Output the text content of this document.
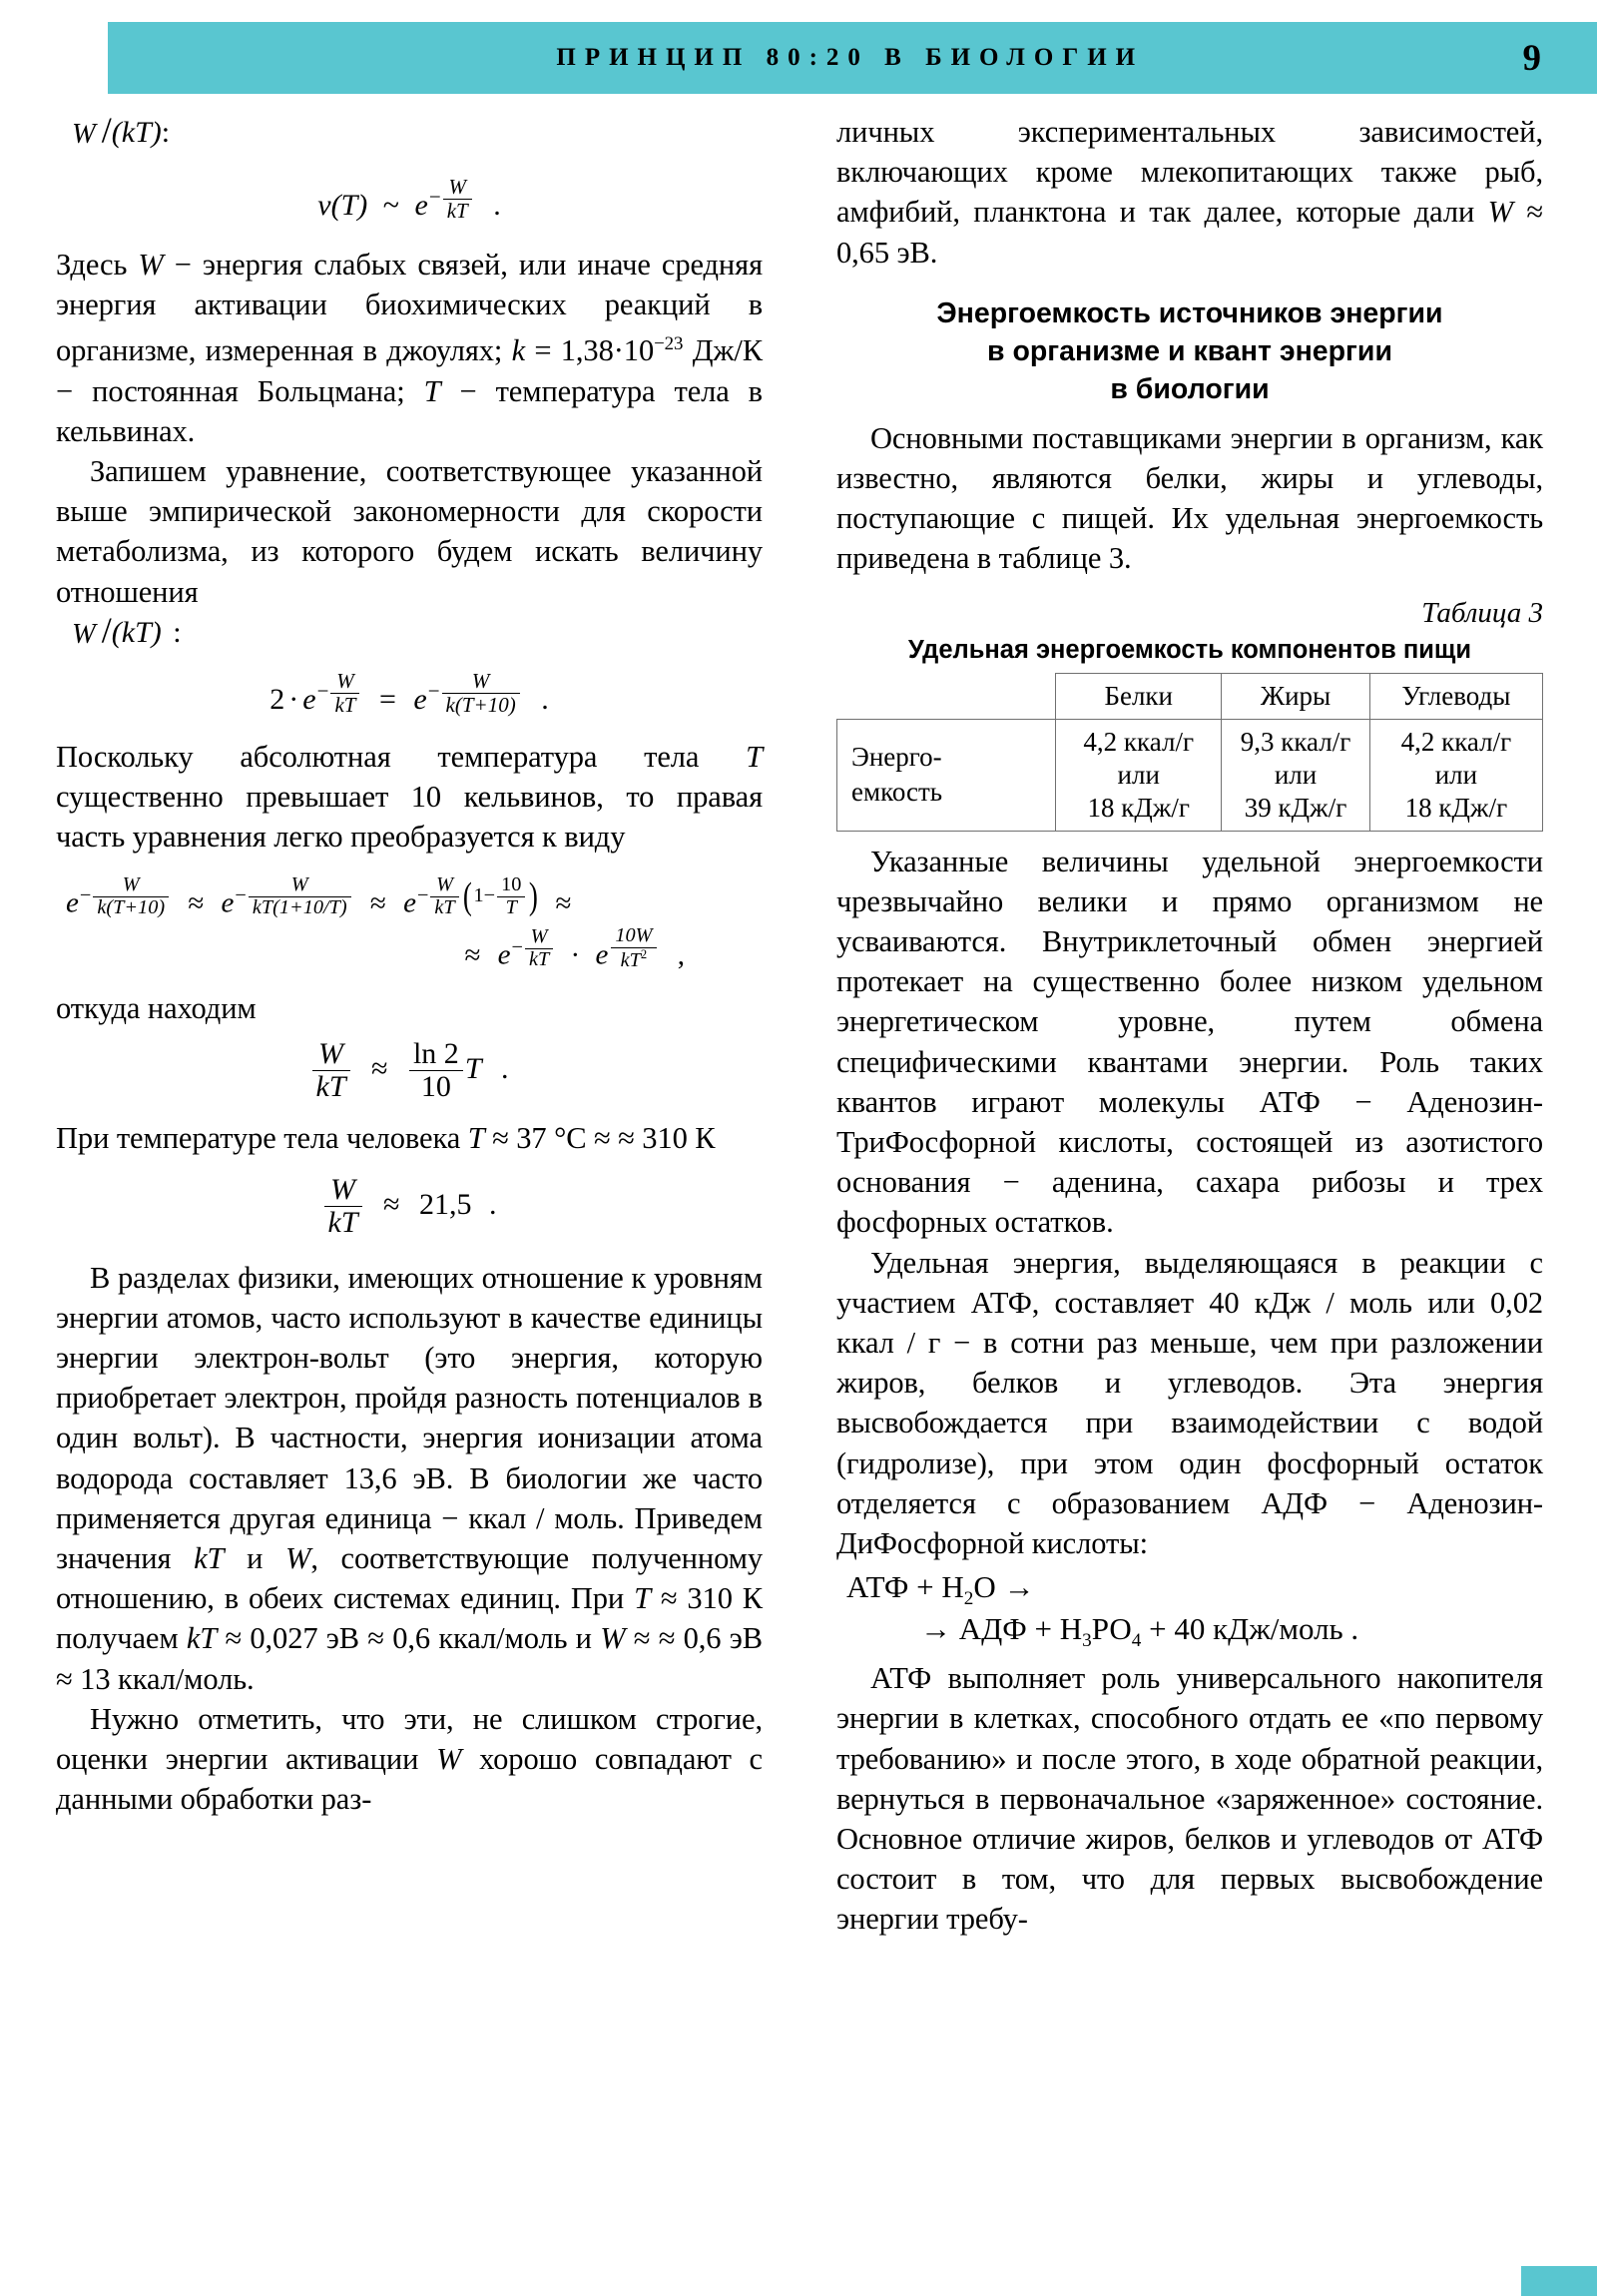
ПРИНЦИП 80:20 В БИОЛОГИИ	9
W /(kT):
v(T) ~ $e- \frac{W}{kT}$ .

Здесь W − энергия слабых связей, или иначе средняя энергия активации биохимических реакций в организме, измеренная в джоулях; $k = 1,38\cdot 10^{-23}$ Дж/К − постоянная Больцмана; T − температура тела в кельвинах.

Запишем уравнение, соответствующее указанной выше эмпирической закономерности для скорости метаболизма, из которого будем искать величину отношения

W /(kT) :
$2 \cdot e- \frac{W}{kT} = e- \frac{W}{k(T+10)}$ .

Поскольку абсолютная температура тела T существенно превышает 10 кельвинов, то правая часть уравнения легко преобразуется к виду

$e- \frac{W}{k(T+10)} \approx e- \frac{W}{kT(1+10/T)} \approx e- \frac{W}{kT} (1- \frac{10}{T}$ ) ≈
≈ $e- \frac{W}{kT} \cdot e \frac{10W}{kT^2}$ ,

откуда находим

$\frac{W}{kT} \approx \frac{\ln 2}{10}$ T .

При температуре тела человека T ≈ 37 °C ≈ ≈ 310 К

$\frac{W}{kT} \approx 21,5$ .

В разделах физики, имеющих отношение к уровням энергии атомов, часто используют в качестве единицы энергии электрон-вольт (это энергия, которую приобретает электрон, пройдя разность потенциалов в один вольт). В частности, энергия ионизации атома водорода составляет 13,6 эВ. В биологии же часто применяется другая единица − ккал / моль. Приведем значения kT и W, соответствующие полученному отношению, в обеих системах единиц. При T ≈ 310 К получаем kT ≈ 0,027 эВ ≈ 0,6 ккал/моль и W ≈ ≈ 0,6 эВ ≈ 13 ккал/моль.

Нужно отметить, что эти, не слишком строгие, оценки энергии активации W хорошо совпадают с данными обработки раз-

личных экспериментальных зависимостей, включающих кроме млекопитающих также рыб, амфибий, планктона и так далее, которые дали W ≈ 0,65 эВ.

Энергоемкость источников энергии
в организме и квант энергии
в биологии

Основными поставщиками энергии в организм, как известно, являются белки, жиры и углеводы, поступающие с пищей. Их удельная энергоемкость приведена в таблице 3.

Таблица 3
Удельная энергоемкость компонентов пищи
	Белки	Жиры	Углеводы
Энерго-
емкость	4,2 ккал/г
или
18 кДж/г	9,3 ккал/г
или
39 кДж/г	4,2 ккал/г
или
18 кДж/г

Указанные величины удельной энергоемкости чрезвычайно велики и прямо организмом не усваиваются. Внутриклеточный обмен энергией протекает на существенно более низком удельном энергетическом уровне, путем обмена специфическими квантами энергии. Роль таких квантов играют молекулы АТФ − Аденозин-ТриФосфорной кислоты, состоящей из азотистого основания − аденина, сахара рибозы и трех фосфорных остатков.

Удельная энергия, выделяющаяся в реакции с участием АТФ, составляет 40 кДж / моль или 0,02 ккал / г − в сотни раз меньше, чем при разложении жиров, белков и углеводов. Эта энергия высвобождается при взаимодействии с водой (гидролизе), при этом один фосфорный остаток отделяется с образованием АДФ − Аденозин-ДиФосфорной кислоты:

АТФ + $Н_2О$ →
→ АДФ + $Н_3РО_4 + 40$ кДж/моль .

АТФ выполняет роль универсального накопителя энергии в клетках, способного отдать ее «по первому требованию» и после этого, в ходе обратной реакции, вернуться в первоначальное «заряженное» состояние. Основное отличие жиров, белков и углеводов от АТФ состоит в том, что для первых высвобождение энергии требу-
